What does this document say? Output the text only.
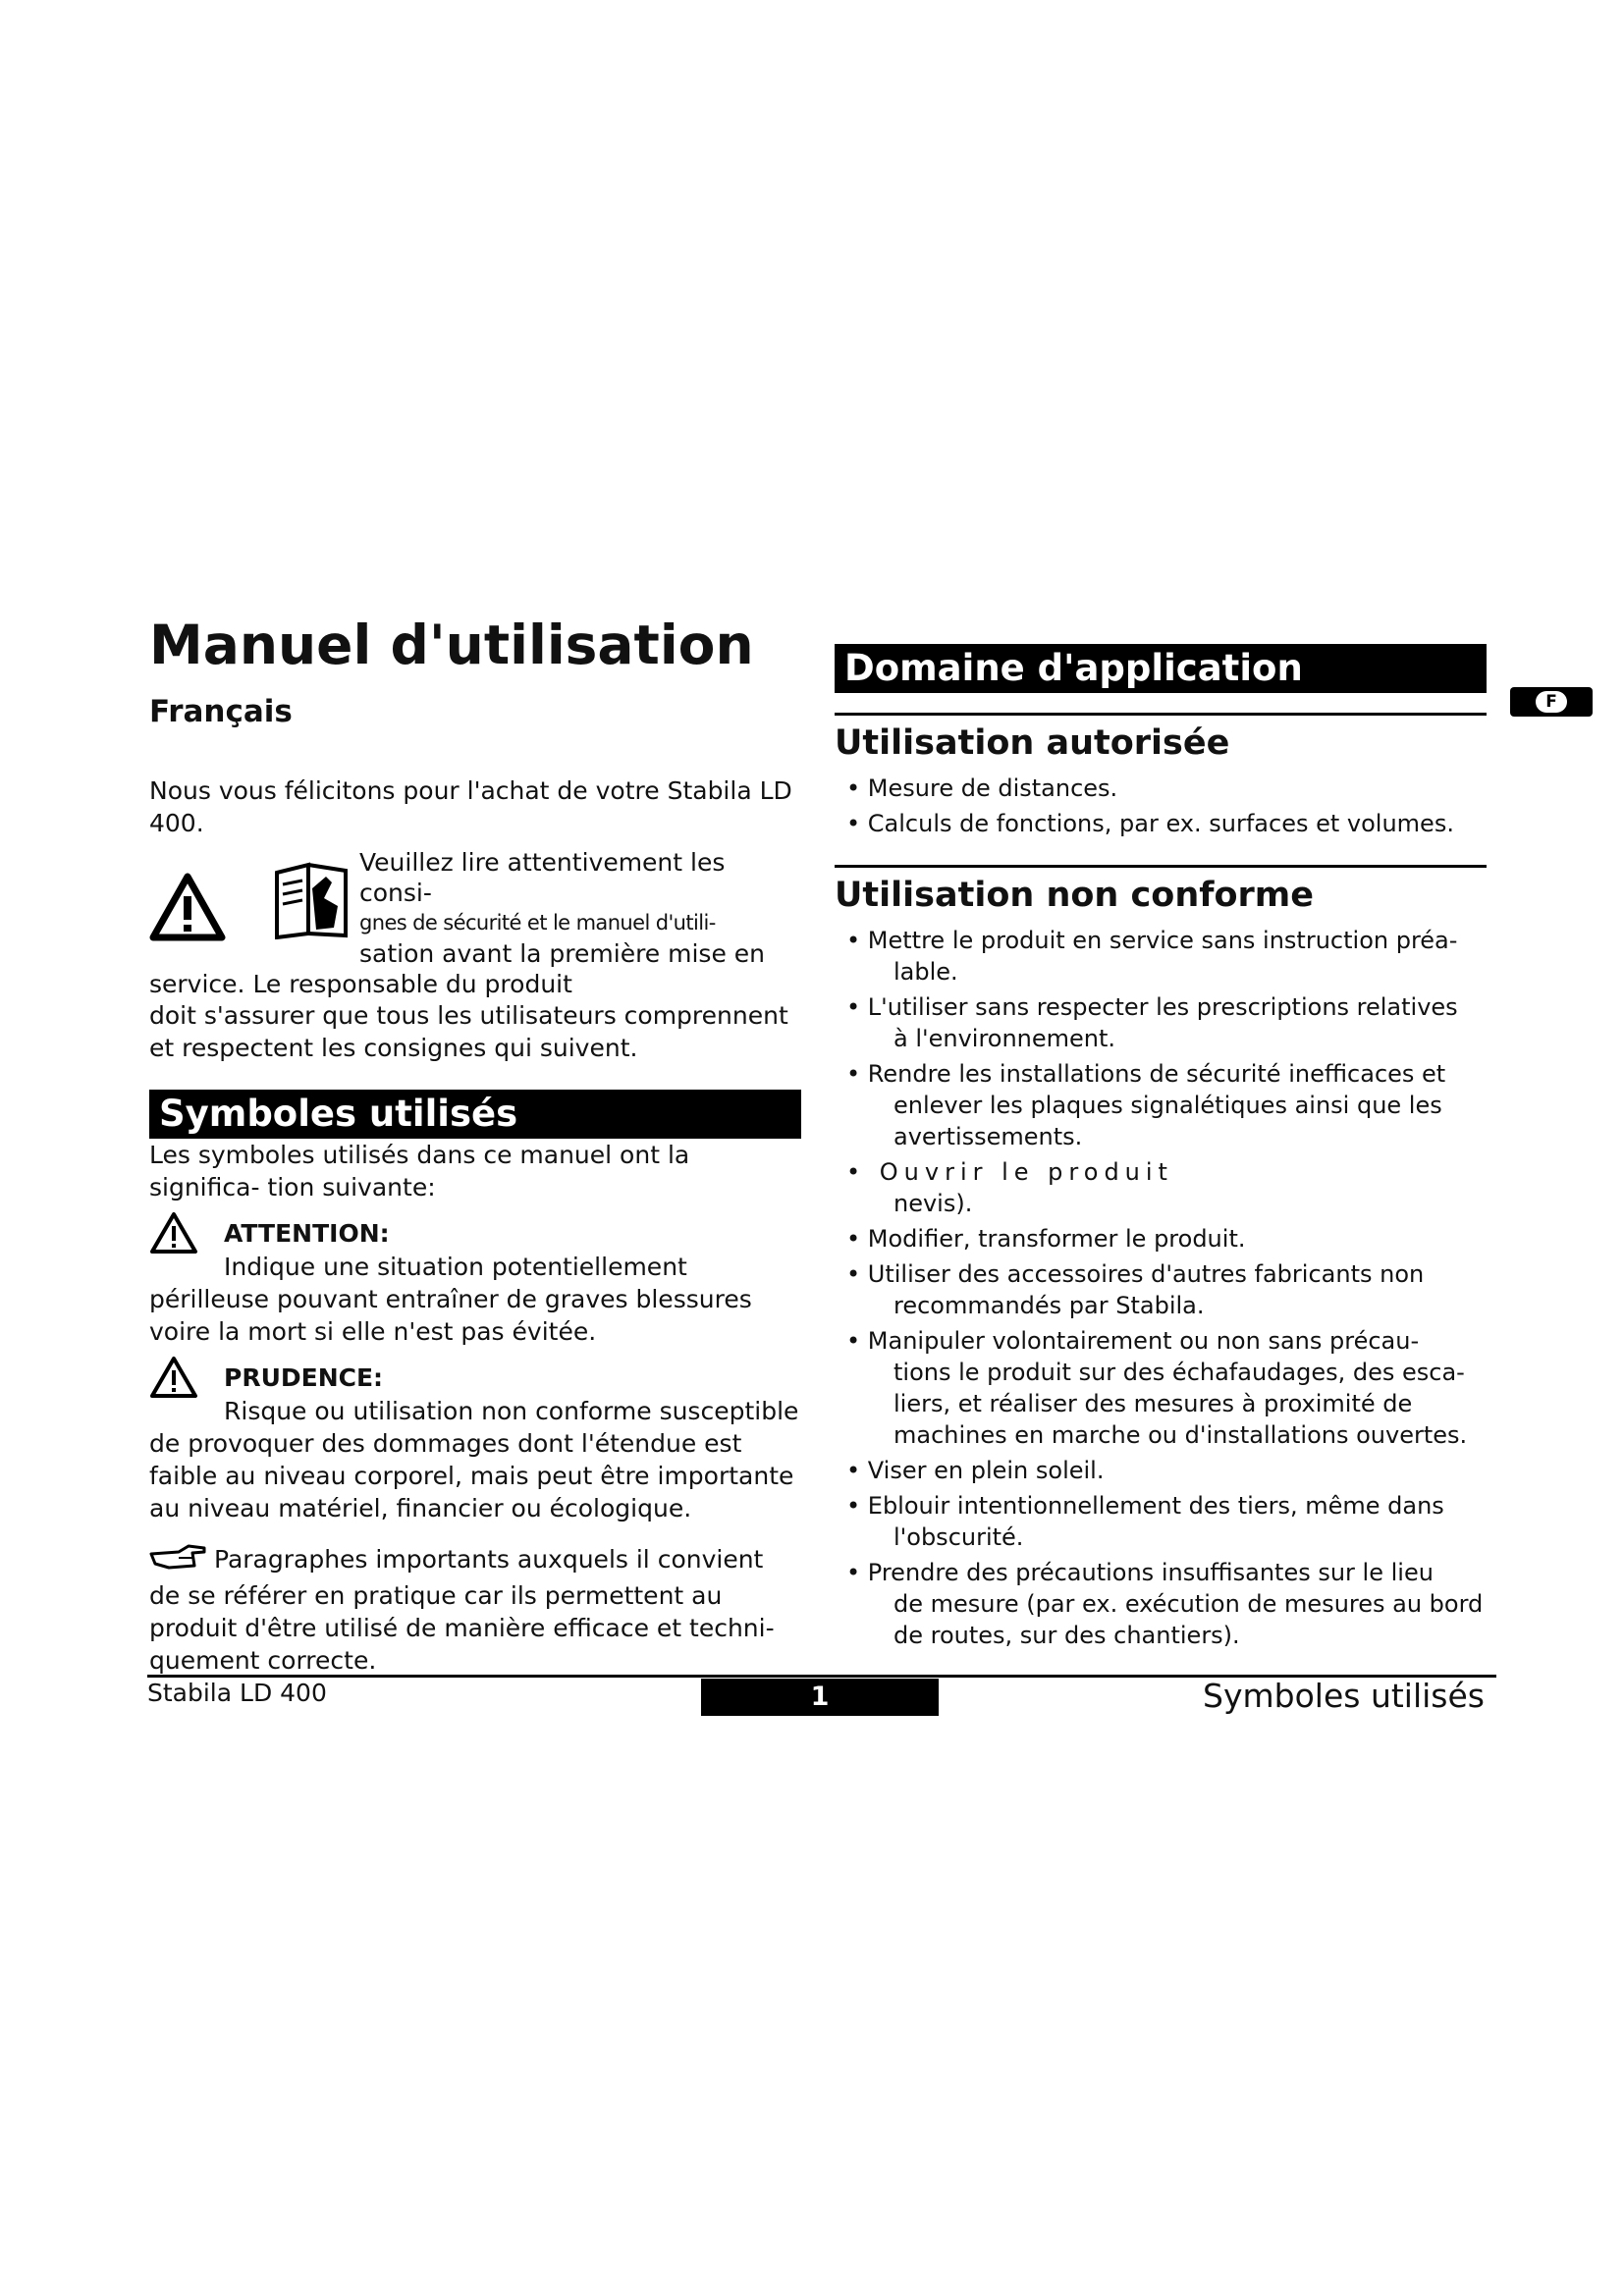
Manuel d'utilisation
Français
Nous vous félicitons pour l'achat de votre Stabila LD 400.
Veuillez lire attentivement les consi-
gnes de sécurité et le manuel d'utili-
sation avant la première mise en
service. Le responsable du produit
doit s'assurer que tous les utilisateurs comprennent et respectent les consignes qui suivent.
Symboles utilisés
Les symboles utilisés dans ce manuel ont la significa- tion suivante:
ATTENTION:
Indique une situation potentiellement
périlleuse pouvant entraîner de graves blessures voire la mort si elle n'est pas évitée.
PRUDENCE:
Risque ou utilisation non conforme susceptible
de provoquer des dommages dont l'étendue est faible au niveau corporel, mais peut être importante au niveau matériel, financier ou écologique.
Paragraphes importants auxquels il convient de se référer en pratique car ils permettent au produit d'être utilisé de manière efficace et techni- quement correcte.
Domaine d'application
Utilisation autorisée
• Mesure de distances.
• Calculs de fonctions, par ex. surfaces et volumes.
Utilisation non conforme
• Mettre le produit en service sans instruction préa-
lable.
• L'utiliser sans respecter les prescriptions relatives
à l'environnement.
• Rendre les installations de sécurité inefficaces et
enlever les plaques signalétiques ainsi que les avertissements.
• Ouvrir le produit
nevis).
• Modifier, transformer le produit.
• Utiliser des accessoires d'autres fabricants non
recommandés par Stabila.
• Manipuler volontairement ou non sans précau-
tions le produit sur des échafaudages, des esca- liers, et réaliser des mesures à proximité de machines en marche ou d'installations ouvertes.
• Viser en plein soleil.
• Eblouir intentionnellement des tiers, même dans
l'obscurité.
• Prendre des précautions insuffisantes sur le lieu
de mesure (par ex. exécution de mesures au bord de routes, sur des chantiers).
F
Stabila LD 400	1	Symboles utilisés
